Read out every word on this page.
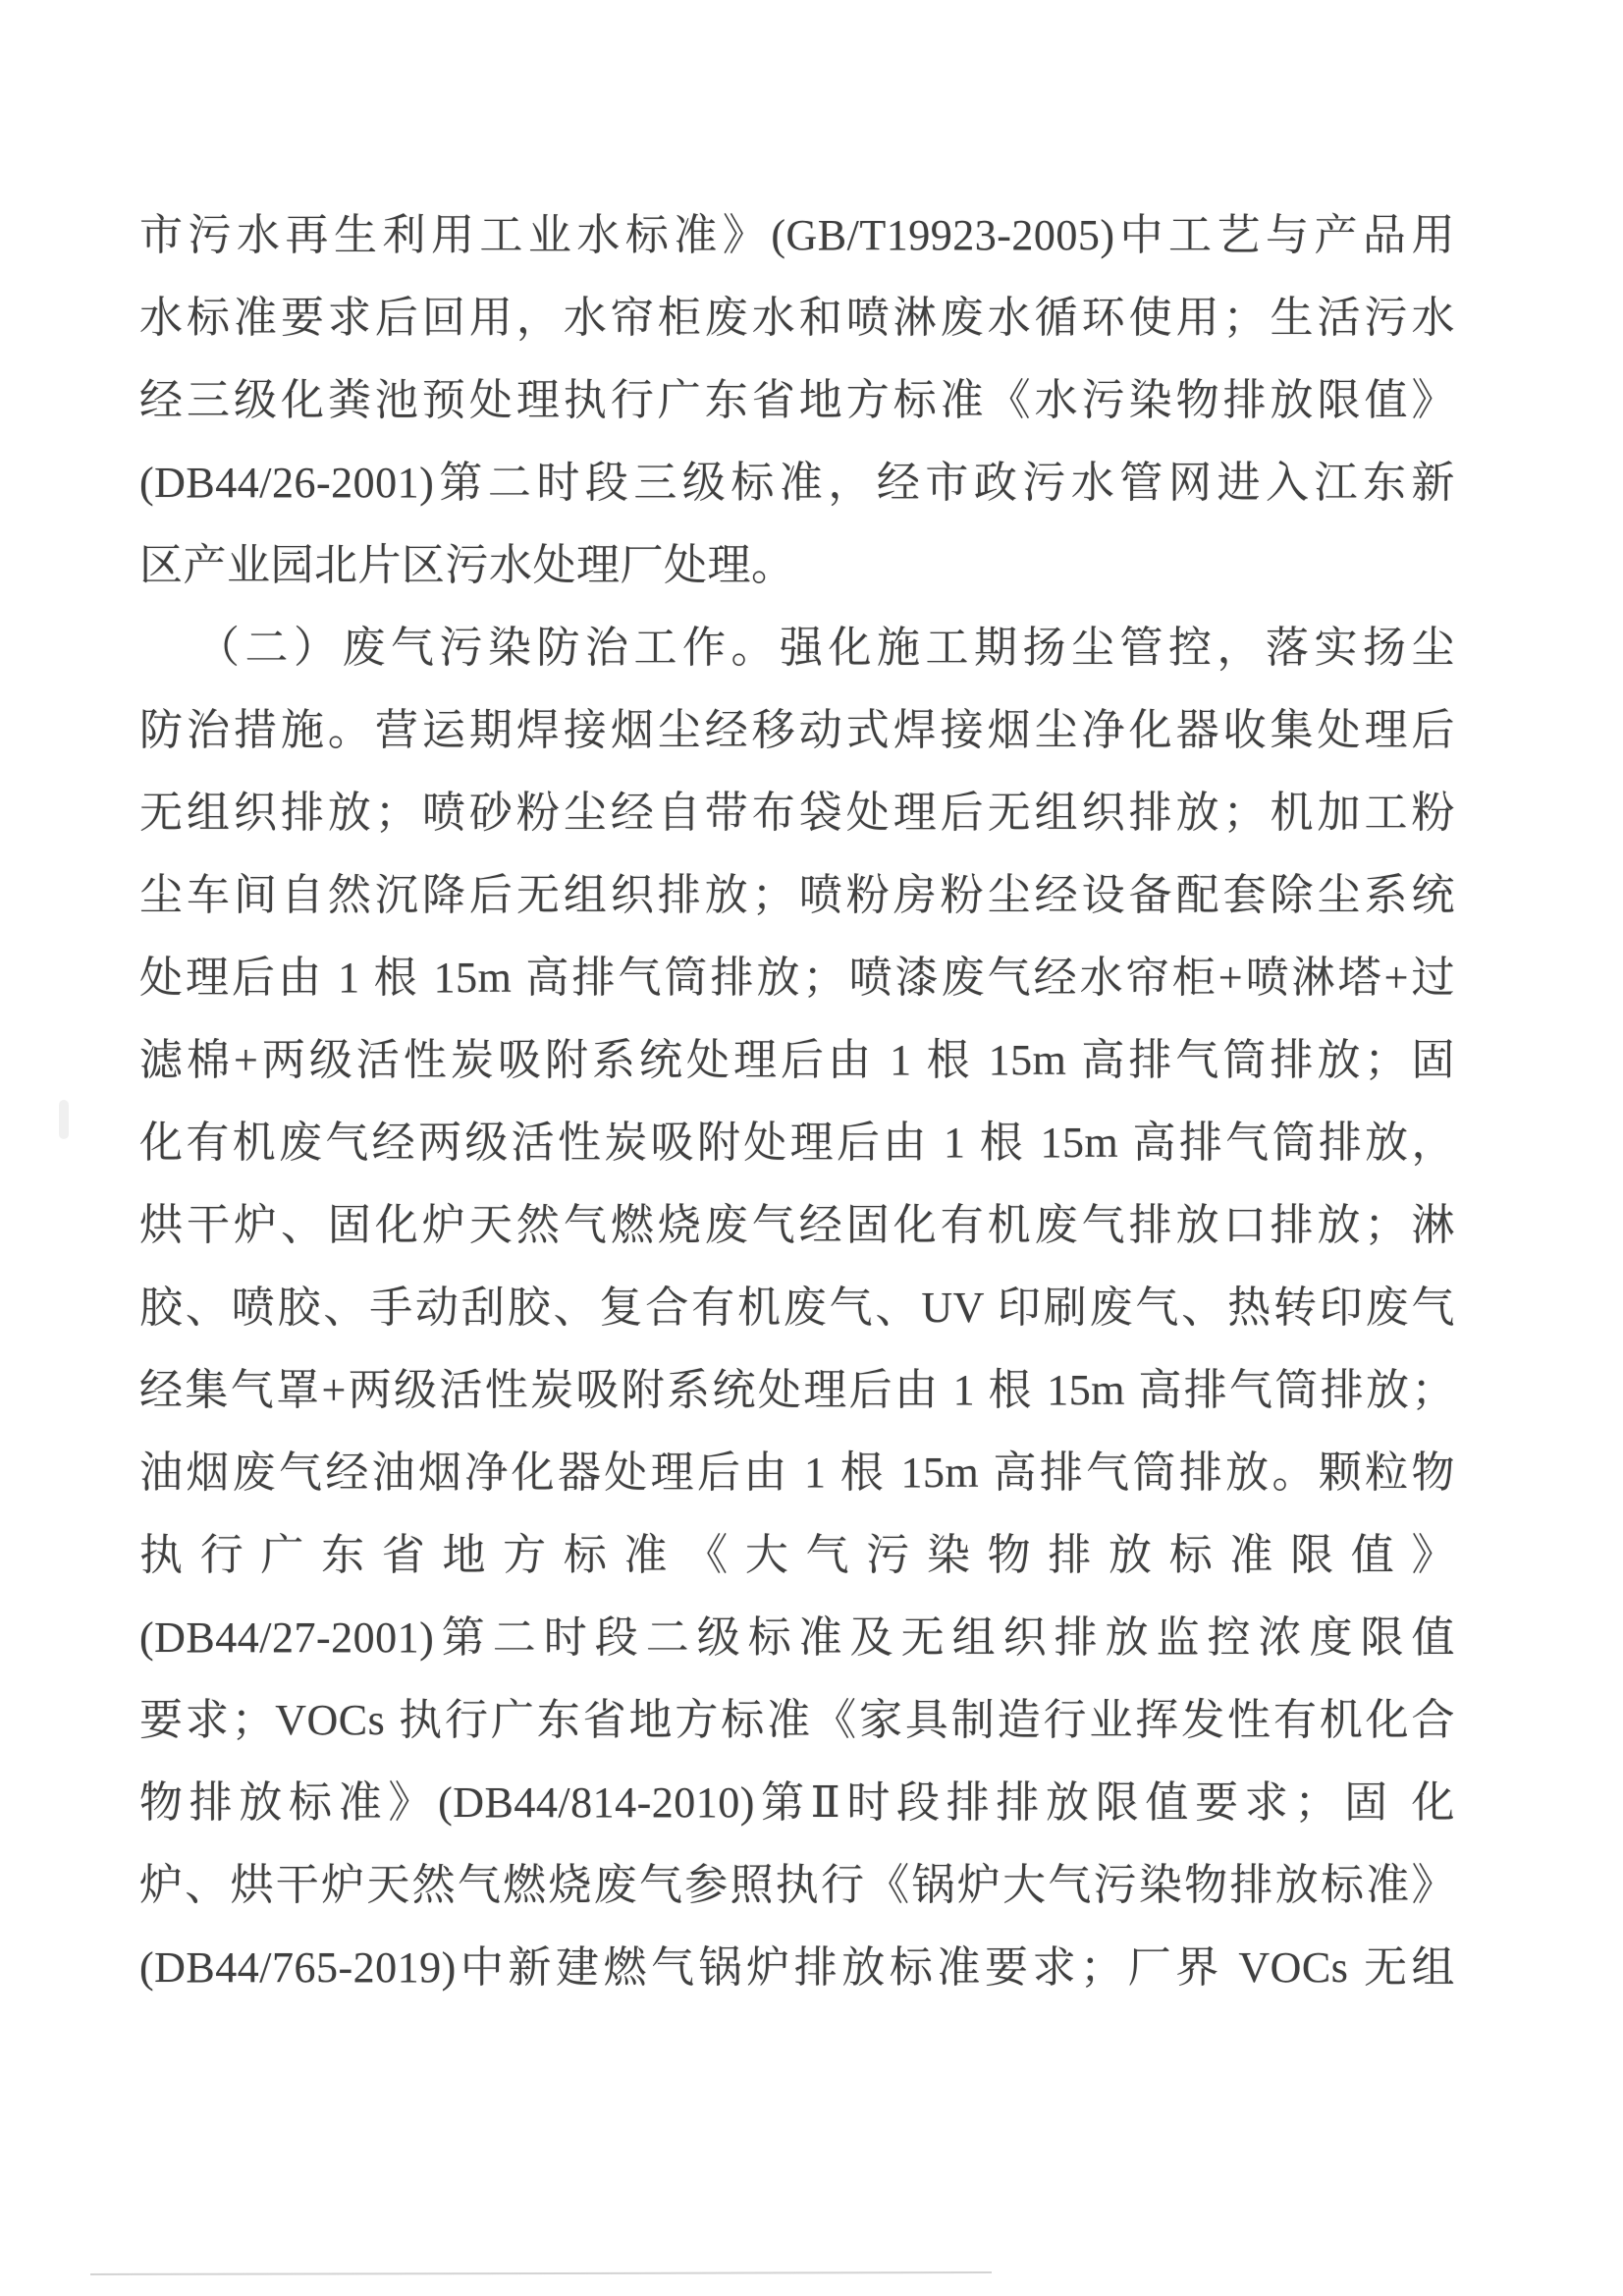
市污水再生利用工业水标准》(GB/T19923-2005)中工艺与产品用
水标准要求后回用，水帘柜废水和喷淋废水循环使用；生活污水
经三级化粪池预处理执行广东省地方标准《水污染物排放限值》
(DB44/26-2001)第二时段三级标准，经市政污水管网进入江东新
区产业园北片区污水处理厂处理。
（二）废气污染防治工作。强化施工期扬尘管控，落实扬尘
防治措施。营运期焊接烟尘经移动式焊接烟尘净化器收集处理后
无组织排放；喷砂粉尘经自带布袋处理后无组织排放；机加工粉
尘车间自然沉降后无组织排放；喷粉房粉尘经设备配套除尘系统
处理后由 1 根 15m 高排气筒排放；喷漆废气经水帘柜+喷淋塔+过
滤棉+两级活性炭吸附系统处理后由 1 根 15m 高排气筒排放；固
化有机废气经两级活性炭吸附处理后由 1 根 15m 高排气筒排放，
烘干炉、固化炉天然气燃烧废气经固化有机废气排放口排放；淋
胶、喷胶、手动刮胶、复合有机废气、UV 印刷废气、热转印废气
经集气罩+两级活性炭吸附系统处理后由 1 根 15m 高排气筒排放；
油烟废气经油烟净化器处理后由 1 根 15m 高排气筒排放。颗粒物
执行广东省地方标准《大气污染物排放标准限值》
(DB44/27-2001)第二时段二级标准及无组织排放监控浓度限值
要求；VOCs 执行广东省地方标准《家具制造行业挥发性有机化合
物排放标准》(DB44/814-2010)第Ⅱ时段排排放限值要求；固 化
炉、烘干炉天然气燃烧废气参照执行《锅炉大气污染物排放标准》
(DB44/765-2019)中新建燃气锅炉排放标准要求；厂界 VOCs 无组
